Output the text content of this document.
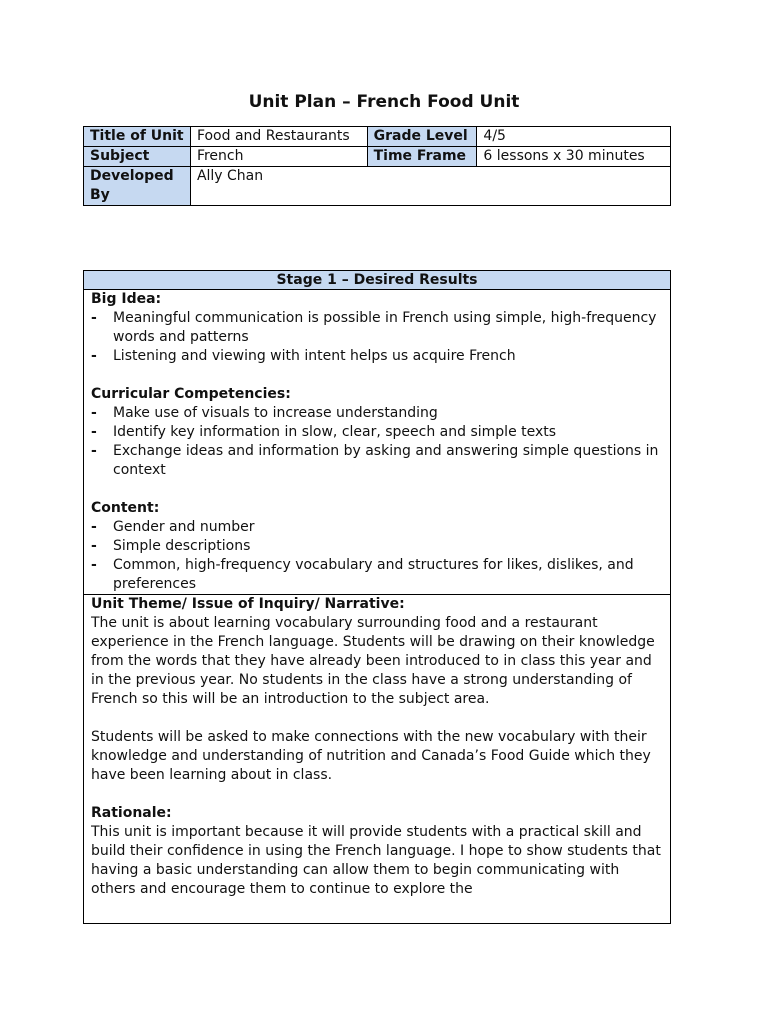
Unit Plan – French Food Unit
Title of Unit	Food and Restaurants	Grade Level	4/5
Subject	French	Time Frame	6 lessons x 30 minutes
Developed By	Ally Chan		
Stage 1 – Desired Results

Big Idea:
- Meaningful communication is possible in French using simple, high-frequency words and patterns
- Listening and viewing with intent helps us acquire French
Curricular Competencies:
- Make use of visuals to increase understanding
- Identify key information in slow, clear, speech and simple texts
- Exchange ideas and information by asking and answering simple questions in context
Content:
- Gender and number
- Simple descriptions
- Common, high-frequency vocabulary and structures for likes, dislikes, and preferences

Unit Theme/ Issue of Inquiry/ Narrative:

The unit is about learning vocabulary surrounding food and a restaurant experience in the French language. Students will be drawing on their knowledge from the words that they have already been introduced to in class this year and in the previous year. No students in the class have a strong understanding of French so this will be an introduction to the subject area.

Students will be asked to make connections with the new vocabulary with their knowledge and understanding of nutrition and Canada’s Food Guide which they have been learning about in class.

Rationale:

This unit is important because it will provide students with a practical skill and build their confidence in using the French language. I hope to show students that having a basic understanding can allow them to begin communicating with others and encourage them to continue to explore the
